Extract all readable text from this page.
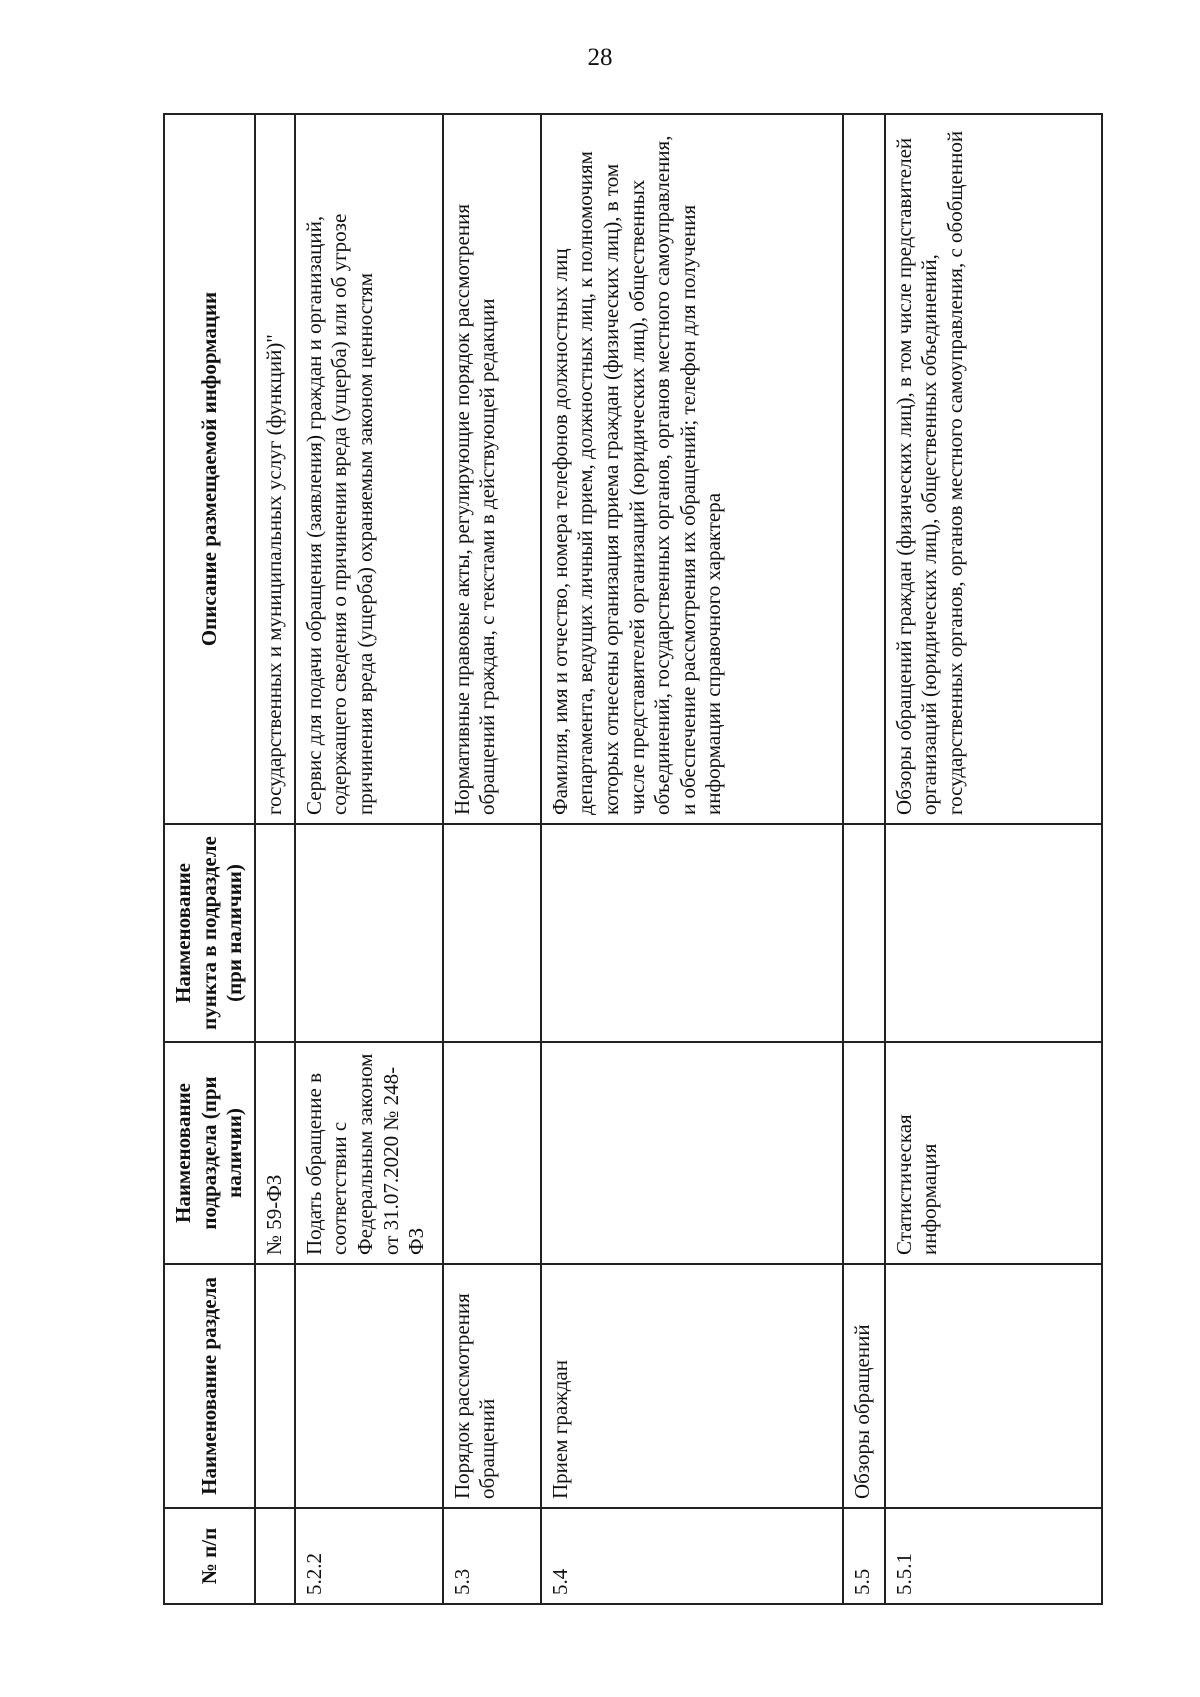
28
№ п/п	Наименование раздела	Наименование подраздела (при наличии)	Наименование пункта в подразделе (при наличии)	Описание размещаемой информации
		№ 59-ФЗ		государственных и муниципальных услуг (функций)"
5.2.2		Подать обращение в соответствии с Федеральным законом от 31.07.2020 № 248-ФЗ		Сервис для подачи обращения (заявления) граждан и организаций, содержащего сведения о причинении вреда (ущерба) или об угрозе причинения вреда (ущерба) охраняемым законом ценностям
5.3	Порядок рассмотрения обращений			Нормативные правовые акты, регулирующие порядок рассмотрения обращений граждан, с текстами в действующей редакции
5.4	Прием граждан			Фамилия, имя и отчество, номера телефонов должностных лиц департамента, ведущих личный прием, должностных лиц, к полномочиям которых отнесены организация приема граждан (физических лиц), в том числе представителей организаций (юридических лиц), общественных объединений, государственных органов, органов местного самоуправления, и обеспечение рассмотрения их обращений; телефон для получения информации справочного характера
5.5	Обзоры обращений			
5.5.1		Статистическая информация		Обзоры обращений граждан (физических лиц), в том числе представителей организаций (юридических лиц), общественных объединений, государственных органов, органов местного самоуправления, с обобщенной
